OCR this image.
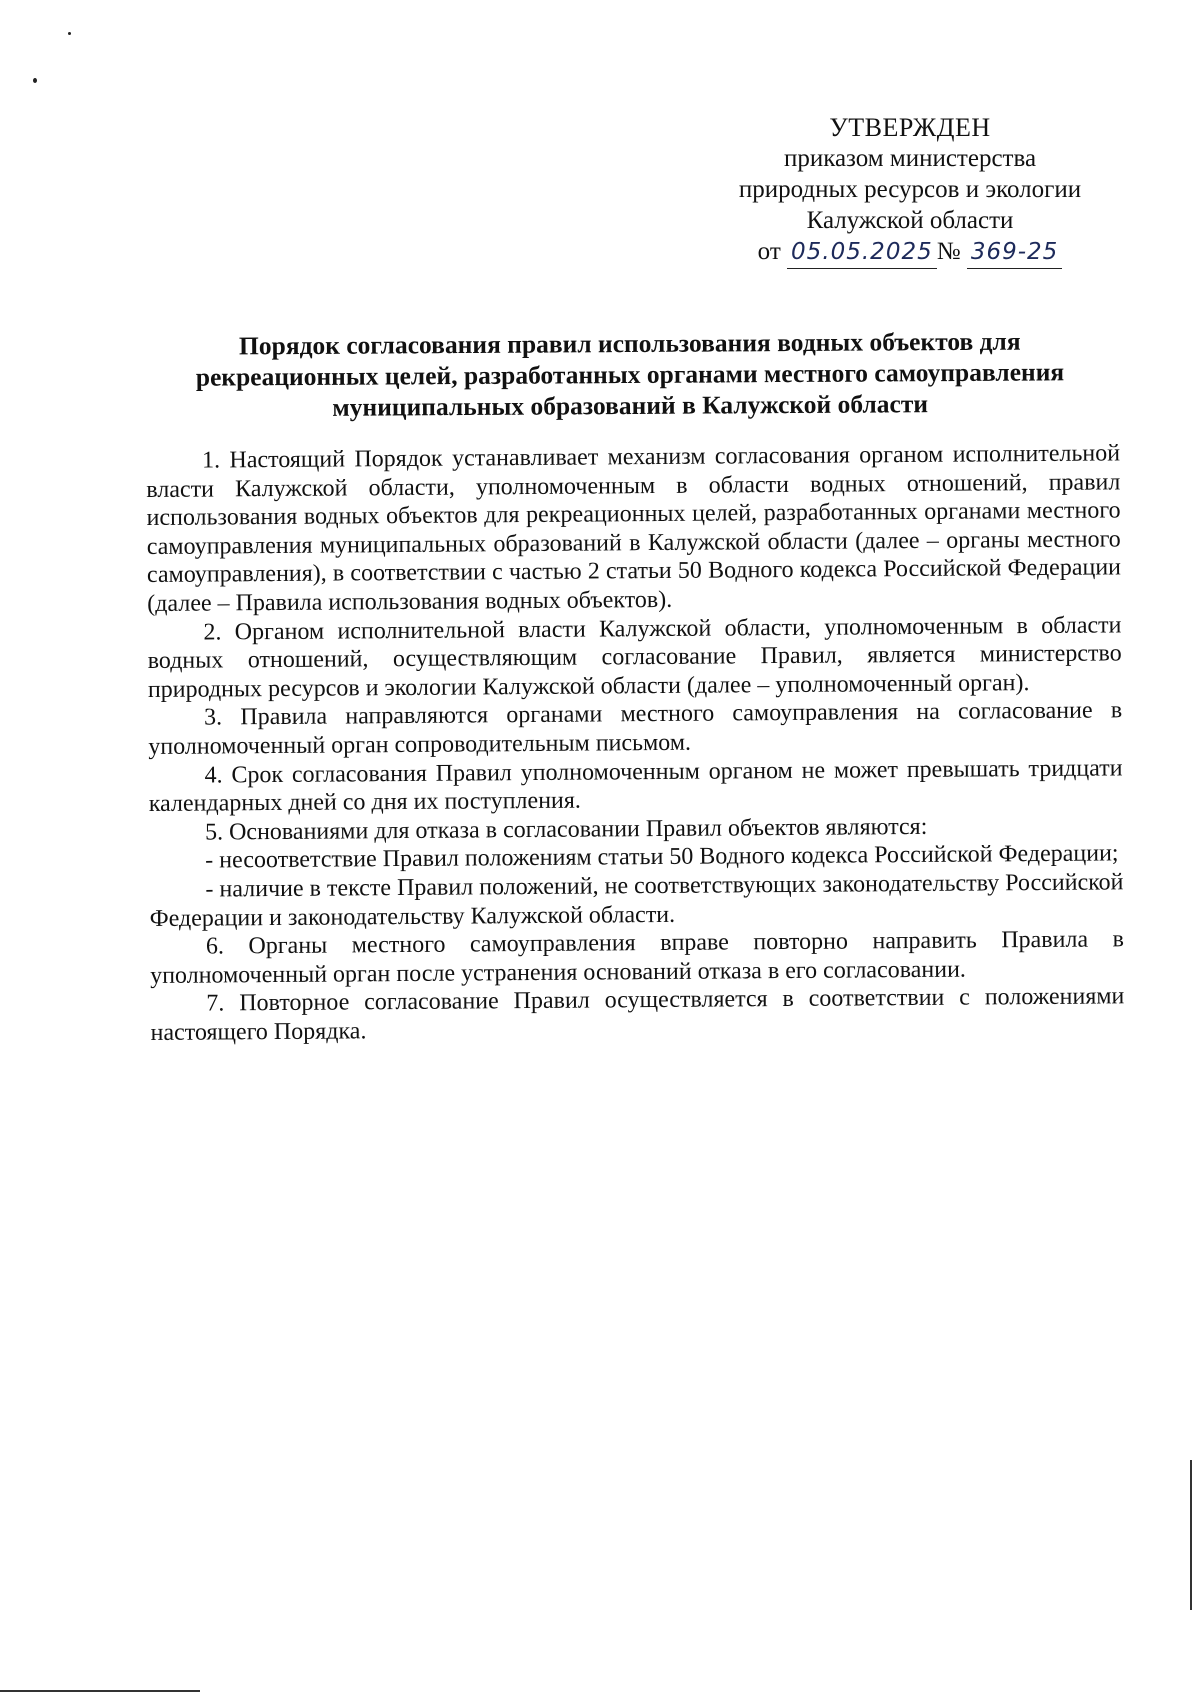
УТВЕРЖДЕН
приказом министерства
природных ресурсов и экологии
Калужской области
от 05.05.2025 № 369-25
Порядок согласования правил использования водных объектов для
рекреационных целей, разработанных органами местного самоуправления
муниципальных образований в Калужской области

1. Настоящий Порядок устанавливает механизм согласования органом исполнительной власти Калужской области, уполномоченным в области водных отношений, правил использования водных объектов для рекреационных целей, разработанных органами местного самоуправления муниципальных образований в Калужской области (далее – органы местного самоуправления), в соответствии с частью 2 статьи 50 Водного кодекса Российской Федерации (далее – Правила использования водных объектов).

2. Органом исполнительной власти Калужской области, уполномоченным в области водных отношений, осуществляющим согласование Правил, является министерство природных ресурсов и экологии Калужской области (далее – уполномоченный орган).

3. Правила направляются органами местного самоуправления на согласование в уполномоченный орган сопроводительным письмом.

4. Срок согласования Правил уполномоченным органом не может превышать тридцати календарных дней со дня их поступления.

5. Основаниями для отказа в согласовании Правил объектов являются:

- несоответствие Правил положениям статьи 50 Водного кодекса Российской Федерации;

- наличие в тексте Правил положений, не соответствующих законодательству Российской Федерации и законодательству Калужской области.

6. Органы местного самоуправления вправе повторно направить Правила в уполномоченный орган после устранения оснований отказа в его согласовании.

7. Повторное согласование Правил осуществляется в соответствии с положениями настоящего Порядка.
